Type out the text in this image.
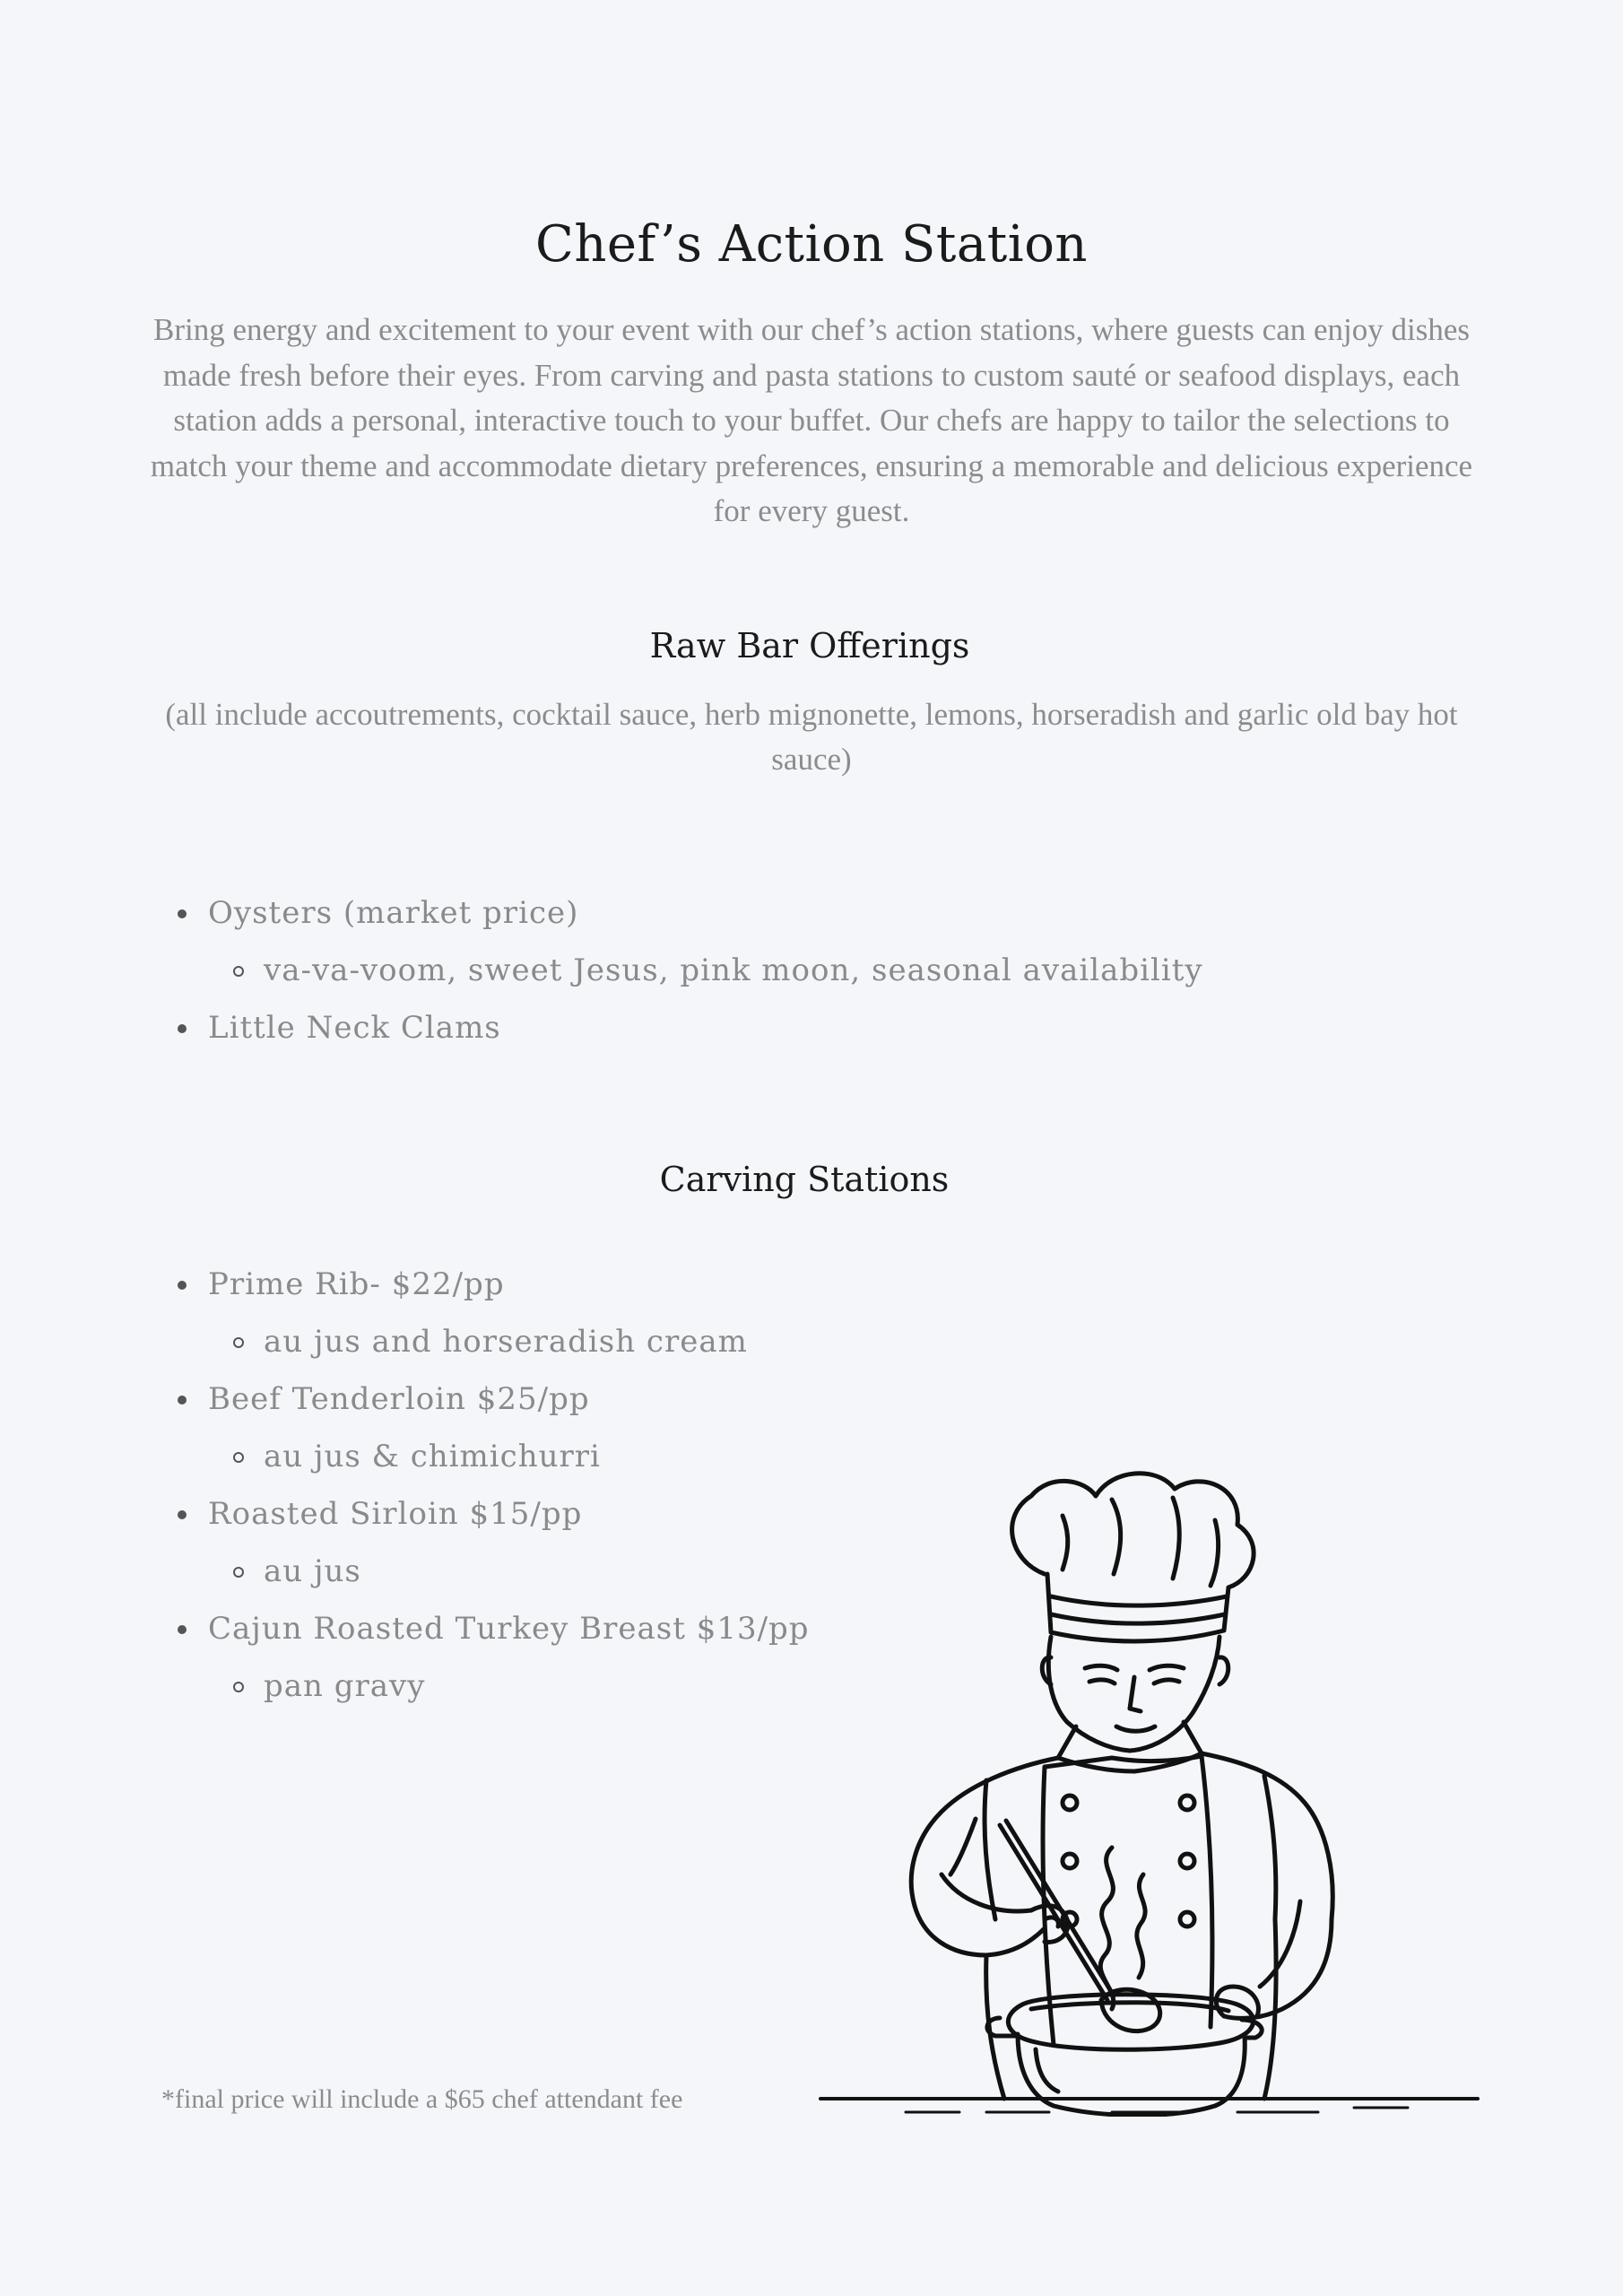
Chef’s Action Station

Bring energy and excitement to your event with our chef’s action stations, where guests can enjoy dishes made fresh before their eyes. From carving and pasta stations to custom sauté or seafood displays, each station adds a personal, interactive touch to your buffet. Our chefs are happy to tailor the selections to match your theme and accommodate dietary preferences, ensuring a memorable and delicious experience for every guest.

Raw Bar Offerings

(all include accoutrements, cocktail sauce, herb mignonette, lemons, horseradish and garlic old bay hot sauce)

Oysters (market price)
va-va-voom, sweet Jesus, pink moon, seasonal availability
Little Neck Clams
Carving Stations
Prime Rib- $22/pp
au jus and horseradish cream
Beef Tenderloin $25/pp
au jus & chimichurri
Roasted Sirloin $15/pp
au jus
Cajun Roasted Turkey Breast $13/pp
pan gravy

*final price will include a $65 chef attendant fee
